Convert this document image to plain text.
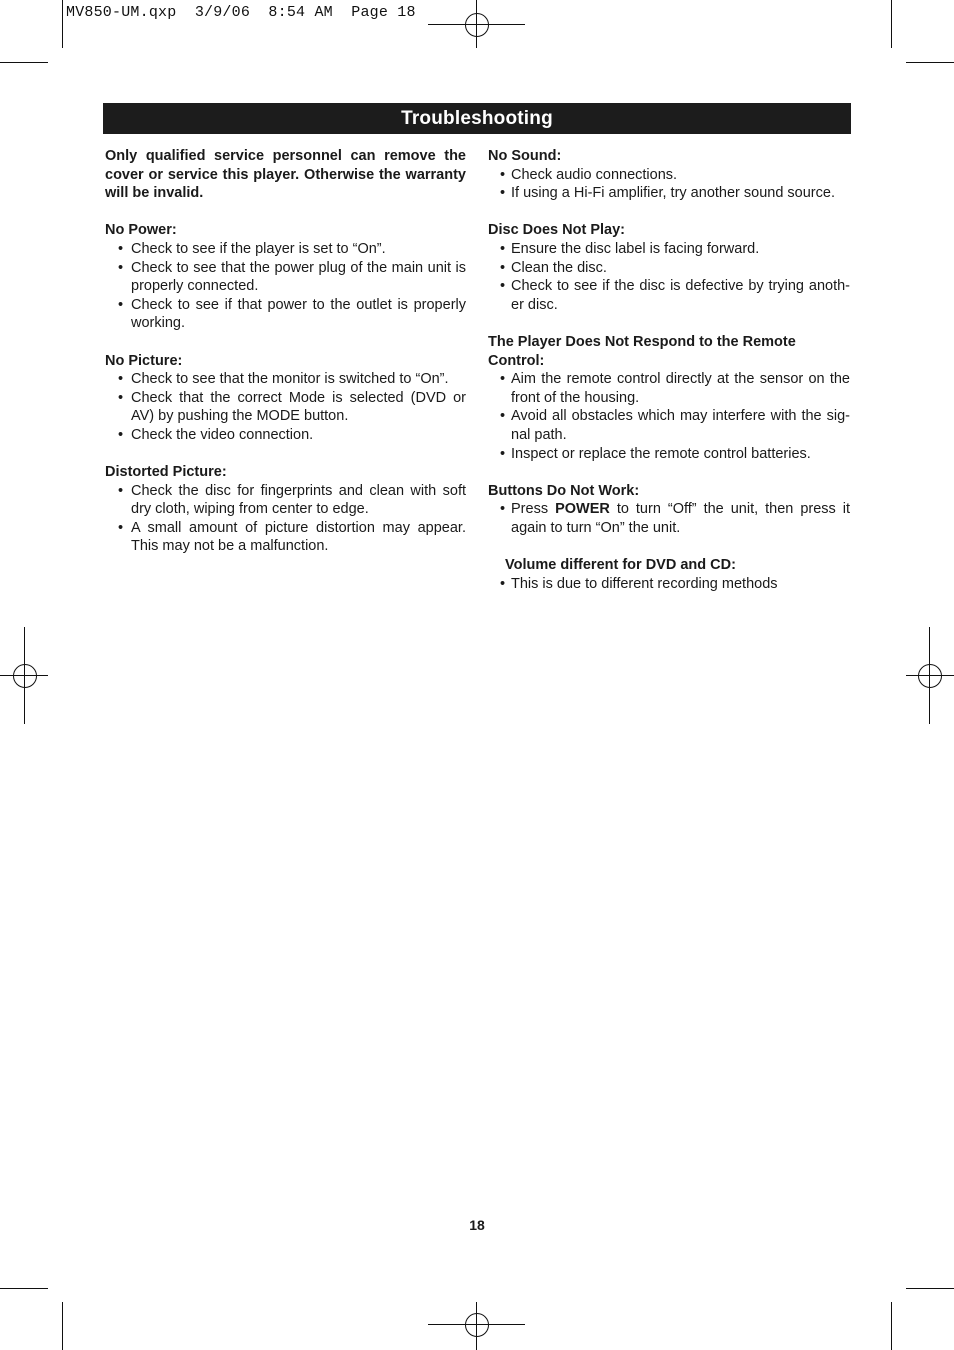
MV850-UM.qxp  3/9/06  8:54 AM  Page 18
Troubleshooting
Only qualified service personnel can remove the cover or service this player. Otherwise the warranty will be invalid.
No Power:
• Check to see if the player is set to “On”.
• Check to see that the power plug of the main unit is properly connected.
• Check to see if that power to the outlet is properly working.
No Picture:
• Check to see that the monitor is switched to “On”.
• Check that the correct Mode is selected (DVD or AV) by pushing the MODE button.
• Check the video connection.
Distorted Picture:
• Check the disc for fingerprints and clean with soft dry cloth, wiping from center to edge.
• A small amount of picture distortion may appear. This may not be a malfunction.
No Sound:
• Check audio connections.
• If using a Hi-Fi amplifier, try another sound source.
Disc Does Not Play:
• Ensure the disc label is facing forward.
• Clean the disc.
• Check to see if the disc is defective by trying anoth-er disc.
The Player Does Not Respond to the Remote Control:
• Aim the remote control directly at the sensor on the front of the housing.
• Avoid all obstacles which may interfere with the sig-nal path.
• Inspect or replace the remote control batteries.
Buttons Do Not Work:
• Press POWER to turn “Off” the unit, then press it again to turn “On” the unit.
Volume different for DVD and CD:
• This is due to different recording methods
18
